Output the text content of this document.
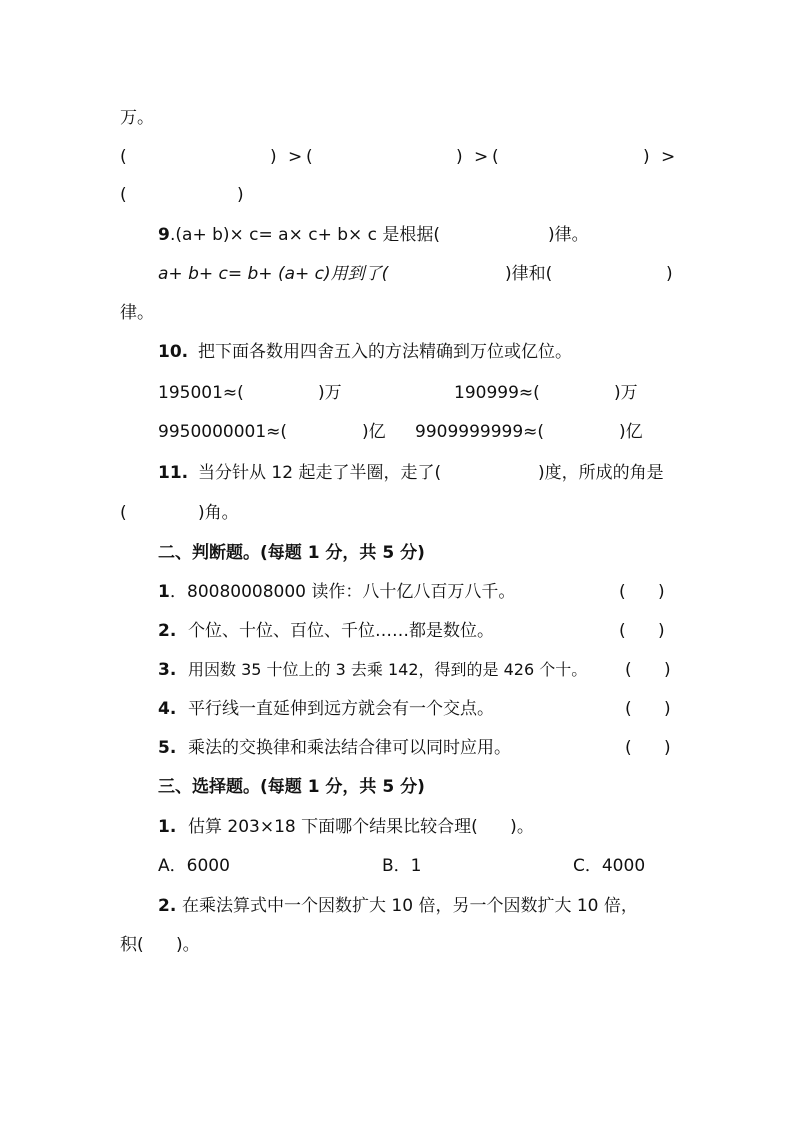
万。
(	) > (	) > (	) >
(	)
9 .(a+ b)× c= a× c+ b× c 是根据(	)律。
a+ b+ c= b+ (a+ c)用到了(	)律和(	)
律。
10. 把下面各数用四舍五入的方法精确到万位或亿位。
195001≈(	)万	190999≈(	)万
9950000001≈(	)亿 9909999999≈(	)亿
11. 当分针从 12 起走了半圈，走了(	)度，所成的角是
(	)角。
二、判断题。(每题 1 分，共 5 分)
1 ．80080008000 读作：八十亿八百万八千。	(      )
2. 个位、十位、百位、千位……都是数位。	(      )
3. 用因数 35 十位上的 3 去乘 142，得到的是 426 个十。 (      )
4. 平行线一直延伸到远方就会有一个交点。	(      )
5. 乘法的交换律和乘法结合律可以同时应用。	(      )
三、选择题。(每题 1 分，共 5 分)
1. 估算 203×18 下面哪个结果比较合理(      )。
A．6000	B．1	C．4000
2. 在乘法算式中一个因数扩大 10 倍，另一个因数扩大 10 倍，
积(      )。
